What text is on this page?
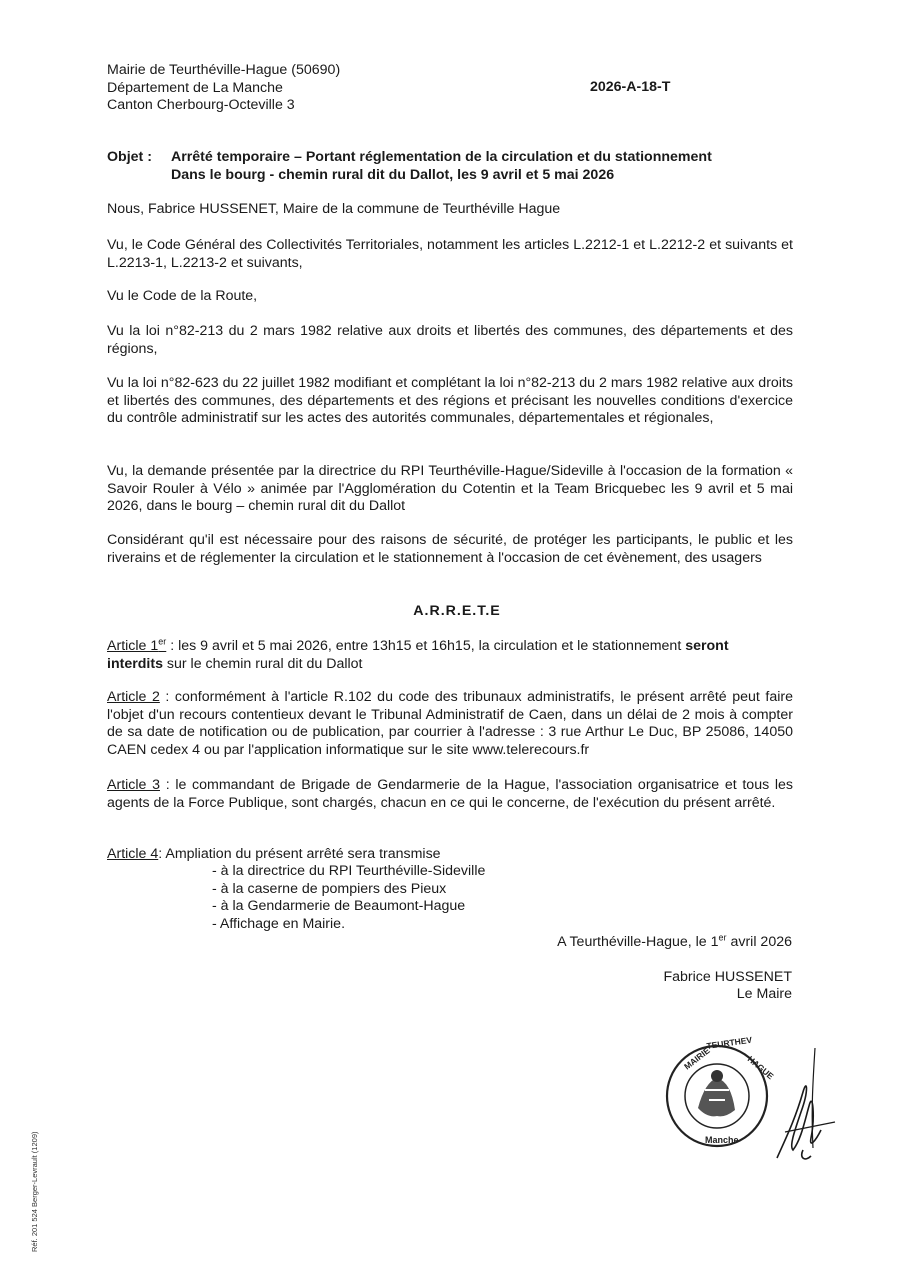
Mairie de Teurthéville-Hague (50690)
Département de La Manche
Canton Cherbourg-Octeville 3
2026-A-18-T
Objet : Arrêté temporaire – Portant réglementation de la circulation et du stationnement
Dans le bourg - chemin rural dit du Dallot, les 9 avril et 5 mai 2026

Nous, Fabrice HUSSENET, Maire de la commune de Teurthéville Hague

Vu, le Code Général des Collectivités Territoriales, notamment les articles L.2212-1 et L.2212-2 et suivants et L.2213-1, L.2213-2 et suivants,

Vu le Code de la Route,

Vu la loi n°82-213 du 2 mars 1982 relative aux droits et libertés des communes, des départements et des régions,

Vu la loi n°82-623 du 22 juillet 1982 modifiant et complétant la loi n°82-213 du 2 mars 1982 relative aux droits et libertés des communes, des départements et des régions et précisant les nouvelles conditions d'exercice du contrôle administratif sur les actes des autorités communales, départementales et régionales,

Vu, la demande présentée par la directrice du RPI Teurthéville-Hague/Sideville à l'occasion de la formation « Savoir Rouler à Vélo » animée par l'Agglomération du Cotentin et la Team Bricquebec les 9 avril et 5 mai 2026, dans le bourg – chemin rural dit du Dallot

Considérant qu'il est nécessaire pour des raisons de sécurité, de protéger les participants, le public et les riverains et de réglementer la circulation et le stationnement à l'occasion de cet évènement, des usagers

A.R.R.E.T.E

Article 1er : les 9 avril et 5 mai 2026, entre 13h15 et 16h15, la circulation et le stationnement seront
interdits sur le chemin rural dit du Dallot

Article 2 : conformément à l'article R.102 du code des tribunaux administratifs, le présent arrêté peut faire l'objet d'un recours contentieux devant le Tribunal Administratif de Caen, dans un délai de 2 mois à compter de sa date de notification ou de publication, par courrier à l'adresse : 3 rue Arthur Le Duc, BP 25086, 14050 CAEN cedex 4 ou par l'application informatique sur le site www.telerecours.fr

Article 3 : le commandant de Brigade de Gendarmerie de la Hague, l'association organisatrice et tous les agents de la Force Publique, sont chargés, chacun en ce qui le concerne, de l'exécution du présent arrêté.

Article 4: Ampliation du présent arrêté sera transmise

- à la directrice du RPI Teurthéville-Sideville
- à la caserne de pompiers des Pieux
- à la Gendarmerie de Beaumont-Hague
- Affichage en Mairie.
A Teurthéville-Hague, le 1er avril 2026
Fabrice HUSSENET
Le Maire
MAIRIE
TEURTHEV
HAGUE
Manche
Réf. 201 524 Berger-Levrault (1209)
